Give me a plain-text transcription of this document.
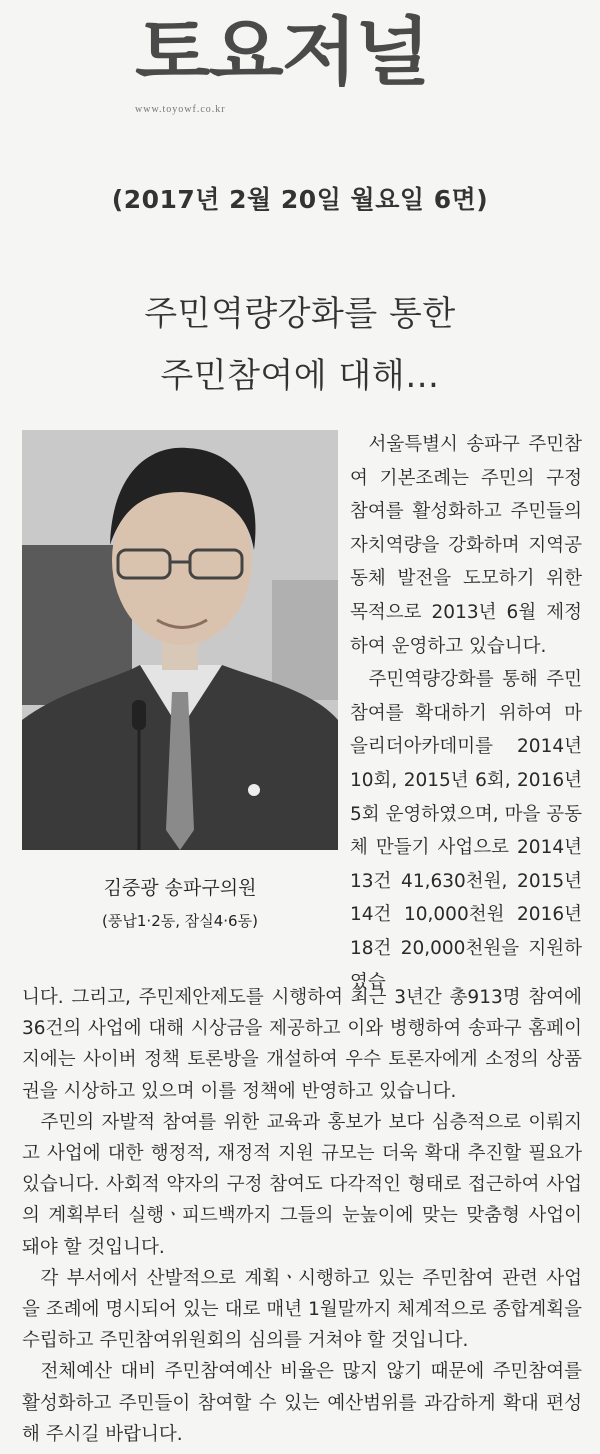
토요저널
www.toyowf.co.kr
(2017년 2월 20일 월요일 6면)
주민역량강화를 통한
주민참여에 대해…
김중광 송파구의원
(풍납1·2동, 잠실4·6동)

서울특별시 송파구 주민참여 기본조례는 주민의 구정참여를 활성화하고 주민들의 자치역량을 강화하며 지역공동체 발전을 도모하기 위한 목적으로 2013년 6월 제정하여 운영하고 있습니다.

주민역량강화를 통해 주민참여를 확대하기 위하여 마을리더아카데미를 2014년 10회, 2015년 6회, 2016년 5회 운영하였으며, 마을 공동체 만들기 사업으로 2014년 13건 41,630천원, 2015년 14건 10,000천원 2016년 18건 20,000천원을 지원하였습

니다. 그리고, 주민제안제도를 시행하여 최근 3년간 총913명 참여에 36건의 사업에 대해 시상금을 제공하고 이와 병행하여 송파구 홈페이지에는 사이버 정책 토론방을 개설하여 우수 토론자에게 소정의 상품권을 시상하고 있으며 이를 정책에 반영하고 있습니다.

주민의 자발적 참여를 위한 교육과 홍보가 보다 심층적으로 이뤄지고 사업에 대한 행정적, 재정적 지원 규모는 더욱 확대 추진할 필요가 있습니다. 사회적 약자의 구정 참여도 다각적인 형태로 접근하여 사업의 계획부터 실행ㆍ피드백까지 그들의 눈높이에 맞는 맞춤형 사업이 돼야 할 것입니다.

각 부서에서 산발적으로 계획ㆍ시행하고 있는 주민참여 관련 사업을 조례에 명시되어 있는 대로 매년 1월말까지 체계적으로 종합계획을 수립하고 주민참여위원회의 심의를 거쳐야 할 것입니다.

전체예산 대비 주민참여예산 비율은 많지 않기 때문에 주민참여를 활성화하고 주민들이 참여할 수 있는 예산범위를 과감하게 확대 편성해 주시길 바랍니다.
